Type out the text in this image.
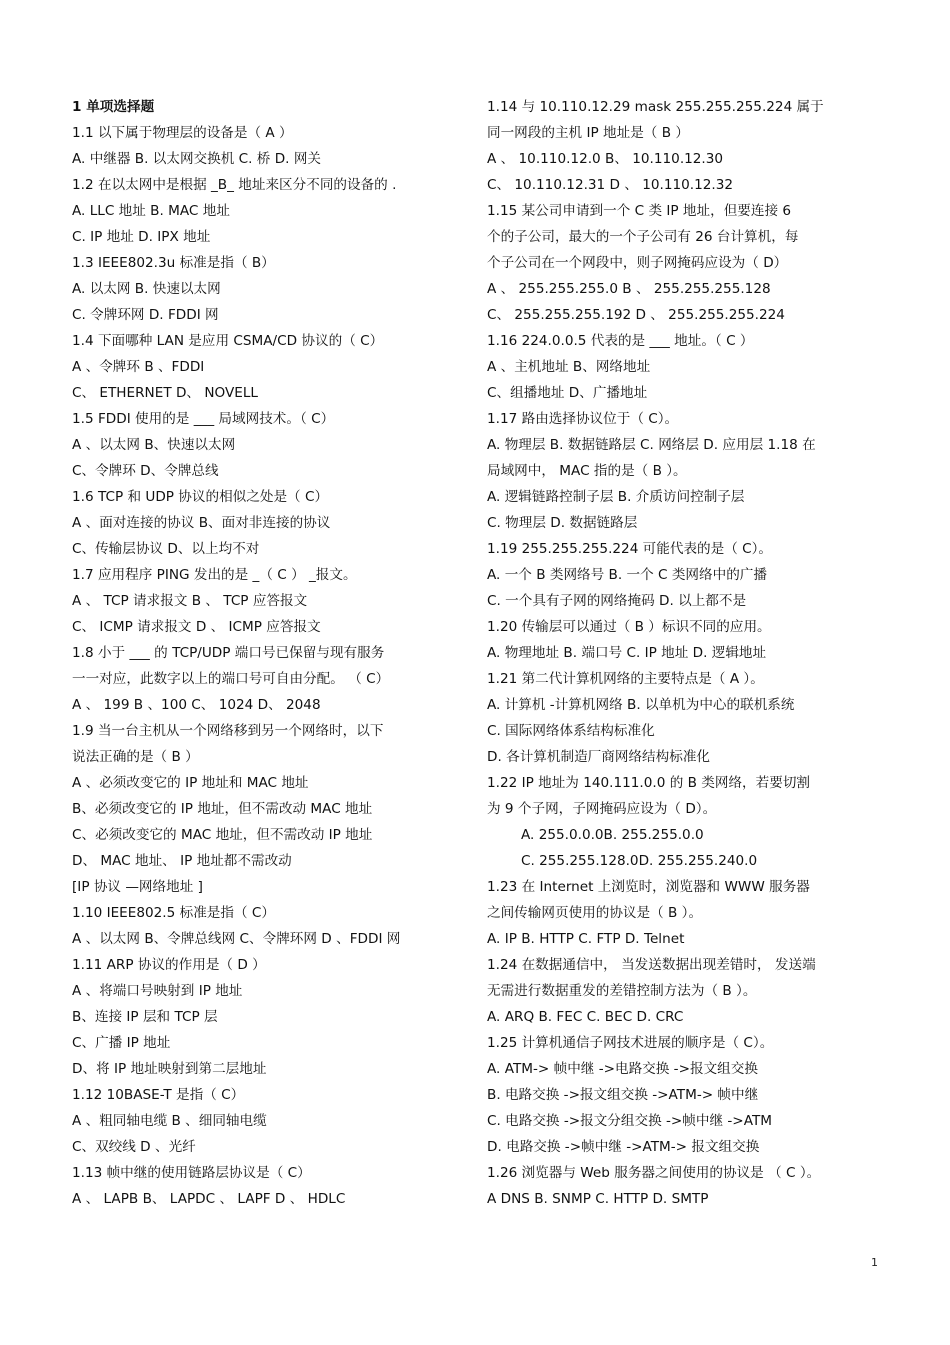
1 单项选择题
1.1 以下属于物理层的设备是（ A ）
A. 中继器 B. 以太网交换机 C. 桥 D. 网关
1.2 在以太网中是根据 _B_ 地址来区分不同的设备的 .
A. LLC 地址 B. MAC 地址
C. IP 地址 D. IPX 地址
1.3 IEEE802.3u 标准是指（ B）
A. 以太网 B. 快速以太网
C. 令牌环网 D. FDDI 网
1.4 下面哪种 LAN 是应用 CSMA/CD 协议的（ C）
A 、令牌环 B 、FDDI
C、 ETHERNET D、 NOVELL
1.5 FDDI 使用的是 ___ 局域网技术。（ C）
A 、以太网 B、快速以太网
C、令牌环 D、令牌总线
1.6 TCP 和 UDP 协议的相似之处是（ C）
A 、面对连接的协议 B、面对非连接的协议
C、传输层协议 D、以上均不对
1.7 应用程序 PING 发出的是 _（ C ） _报文。
A 、 TCP 请求报文 B 、 TCP 应答报文
C、 ICMP 请求报文 D 、 ICMP 应答报文
1.8 小于 ___ 的 TCP/UDP 端口号已保留与现有服务
一一对应，此数字以上的端口号可自由分配。 （ C）
A 、 199 B 、100 C、 1024 D、 2048
1.9 当一台主机从一个网络移到另一个网络时，以下
说法正确的是（ B ）
A 、必须改变它的 IP 地址和 MAC 地址
B、必须改变它的 IP 地址，但不需改动 MAC 地址
C、必须改变它的 MAC 地址，但不需改动 IP 地址
D、 MAC 地址、 IP 地址都不需改动
[IP 协议 —网络地址 ]
1.10 IEEE802.5 标准是指（ C）
A 、以太网 B、令牌总线网 C、令牌环网 D 、FDDI 网
1.11 ARP 协议的作用是（ D ）
A 、将端口号映射到 IP 地址
B、连接 IP 层和 TCP 层
C、广播 IP 地址
D、将 IP 地址映射到第二层地址
1.12 10BASE-T 是指（ C）
A 、粗同轴电缆 B 、细同轴电缆
C、双绞线 D 、光纤
1.13 帧中继的使用链路层协议是（ C）
A 、 LAPB B、 LAPDC 、 LAPF D 、 HDLC
1.14 与 10.110.12.29 mask 255.255.255.224 属于
同一网段的主机 IP 地址是（ B ）
A 、 10.110.12.0 B、 10.110.12.30
C、 10.110.12.31 D 、 10.110.12.32
1.15 某公司申请到一个 C 类 IP 地址，但要连接 6
个的子公司，最大的一个子公司有 26 台计算机，每
个子公司在一个网段中，则子网掩码应设为（ D）
A 、 255.255.255.0 B 、 255.255.255.128
C、 255.255.255.192 D 、 255.255.255.224
1.16 224.0.0.5 代表的是 ___ 地址。（ C ）
A 、主机地址 B、网络地址
C、组播地址 D、广播地址
1.17 路由选择协议位于（ C）。
A. 物理层 B. 数据链路层 C. 网络层 D. 应用层 1.18 在
局域网中， MAC 指的是（ B ）。
A. 逻辑链路控制子层 B. 介质访问控制子层
C. 物理层 D. 数据链路层
1.19 255.255.255.224 可能代表的是（ C）。
A. 一个 B 类网络号 B. 一个 C 类网络中的广播
C. 一个具有子网的网络掩码 D. 以上都不是
1.20 传输层可以通过（ B ）标识不同的应用。
A. 物理地址 B. 端口号 C. IP 地址 D. 逻辑地址
1.21 第二代计算机网络的主要特点是（ A ）。
A. 计算机 -计算机网络 B. 以单机为中心的联机系统
C. 国际网络体系结构标准化
D. 各计算机制造厂商网络结构标准化
1.22 IP 地址为 140.111.0.0 的 B 类网络，若要切割
为 9 个子网，子网掩码应设为（ D）。
A. 255.0.0.0B. 255.255.0.0
C. 255.255.128.0D. 255.255.240.0
1.23 在 Internet 上浏览时，浏览器和 WWW 服务器
之间传输网页使用的协议是（ B ）。
A. IP B. HTTP C. FTP D. Telnet
1.24 在数据通信中， 当发送数据出现差错时， 发送端
无需进行数据重发的差错控制方法为（ B ）。
A. ARQ B. FEC C. BEC D. CRC
1.25 计算机通信子网技术进展的顺序是（ C）。
A. ATM-> 帧中继 ->电路交换 ->报文组交换
B. 电路交换 ->报文组交换 ->ATM-> 帧中继
C. 电路交换 ->报文分组交换 ->帧中继 ->ATM
D. 电路交换 ->帧中继 ->ATM-> 报文组交换
1.26 浏览器与 Web 服务器之间使用的协议是 （ C ）。
A DNS B. SNMP C. HTTP D. SMTP
1
